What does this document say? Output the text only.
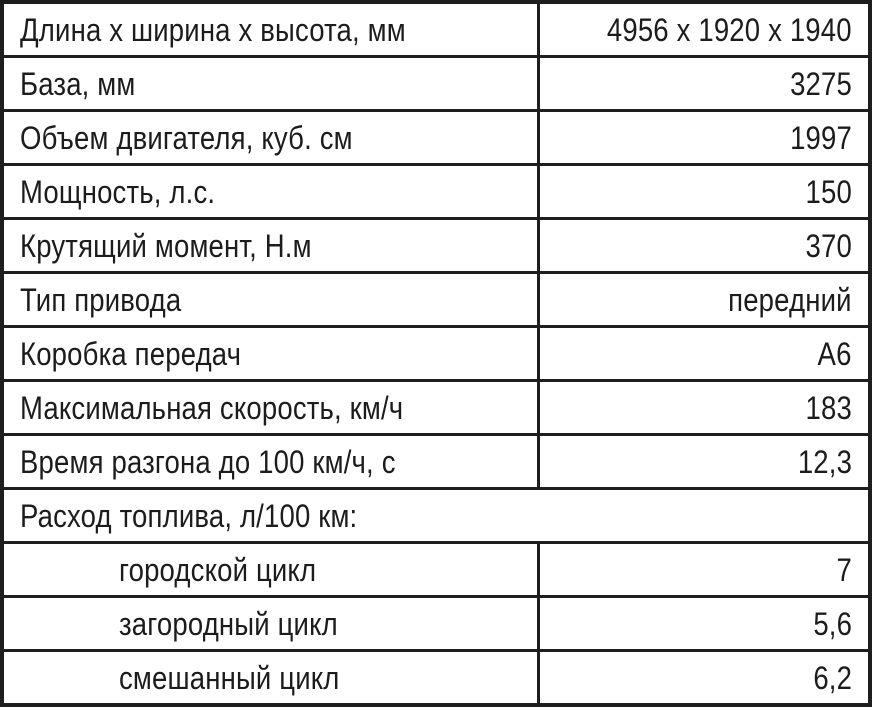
Длина х ширина х высота, мм	4956 х 1920 х 1940
База, мм	3275
Объем двигателя, куб. см	1997
Мощность, л.с.	150
Крутящий момент, Н.м	370
Тип привода	передний
Коробка передач	А6
Максимальная скорость, км/ч	183
Время разгона до 100 км/ч, с	12,3
Расход топлива, л/100 км:	
городской цикл	7
загородный цикл	5,6
смешанный цикл	6,2
